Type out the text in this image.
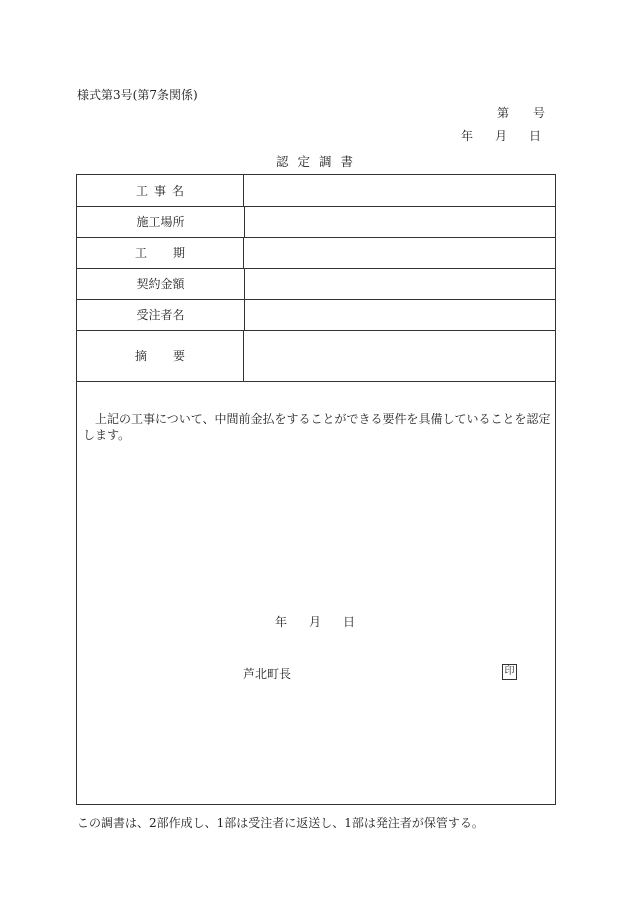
様式第3号(第7条関係)
第 号
年 月 日
認定調書
工事名
施工場所
工期
契約金額
受注者名
摘要
上記の工事について、中間前金払をすることができる要件を具備していることを認定します。
年 月 日
芦北町長	印
この調書は、2部作成し、1部は受注者に返送し、1部は発注者が保管する。
